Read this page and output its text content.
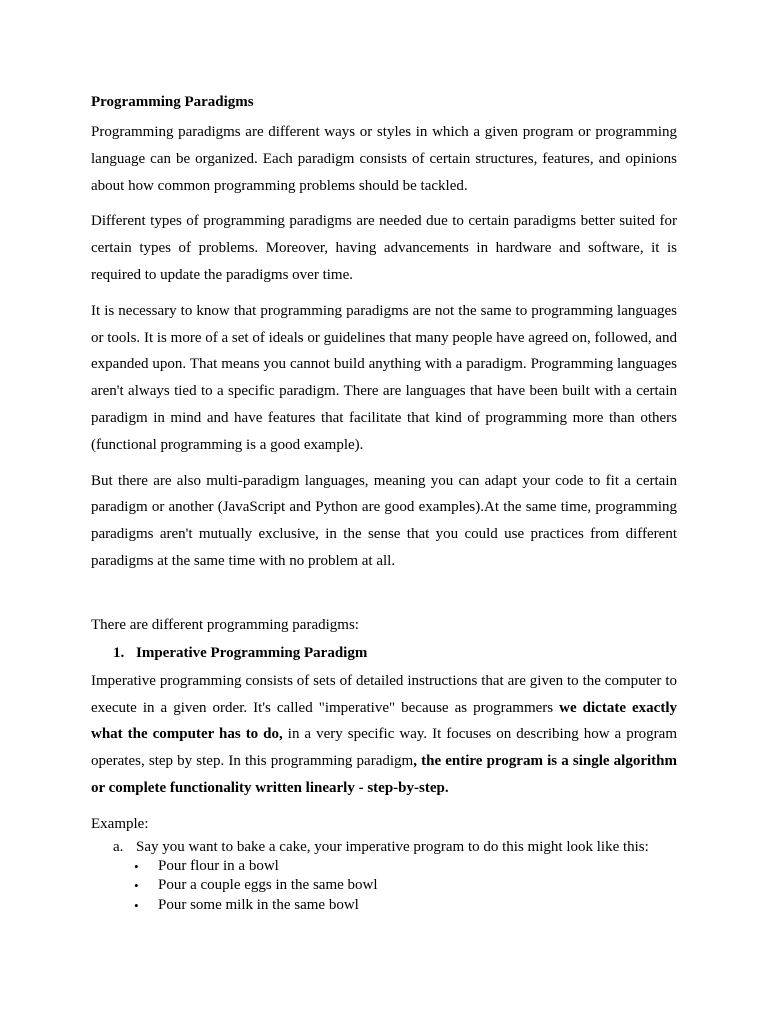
Programming Paradigms

Programming paradigms are different ways or styles in which a given program or programming language can be organized. Each paradigm consists of certain structures, features, and opinions about how common programming problems should be tackled.

Different types of programming paradigms are needed due to certain paradigms better suited for certain types of problems. Moreover, having advancements in hardware and software, it is required to update the paradigms over time.

It is necessary to know that programming paradigms are not the same to programming languages or tools. It is more of a set of ideals or guidelines that many people have agreed on, followed, and expanded upon. That means you cannot build anything with a paradigm. Programming languages aren't always tied to a specific paradigm. There are languages that have been built with a certain paradigm in mind and have features that facilitate that kind of programming more than others (functional programming is a good example).

But there are also multi-paradigm languages, meaning you can adapt your code to fit a certain paradigm or another (JavaScript and Python are good examples).At the same time, programming paradigms aren't mutually exclusive, in the sense that you could use practices from different paradigms at the same time with no problem at all.

There are different programming paradigms:
1. Imperative Programming Paradigm

Imperative programming consists of sets of detailed instructions that are given to the computer to execute in a given order. It's called "imperative" because as programmers we dictate exactly what the computer has to do, in a very specific way. It focuses on describing how a program operates, step by step. In this programming paradigm, the entire program is a single algorithm or complete functionality written linearly - step-by-step.

Example:
a. Say you want to bake a cake, your imperative program to do this might look like this:
• Pour flour in a bowl
• Pour a couple eggs in the same bowl
• Pour some milk in the same bowl
